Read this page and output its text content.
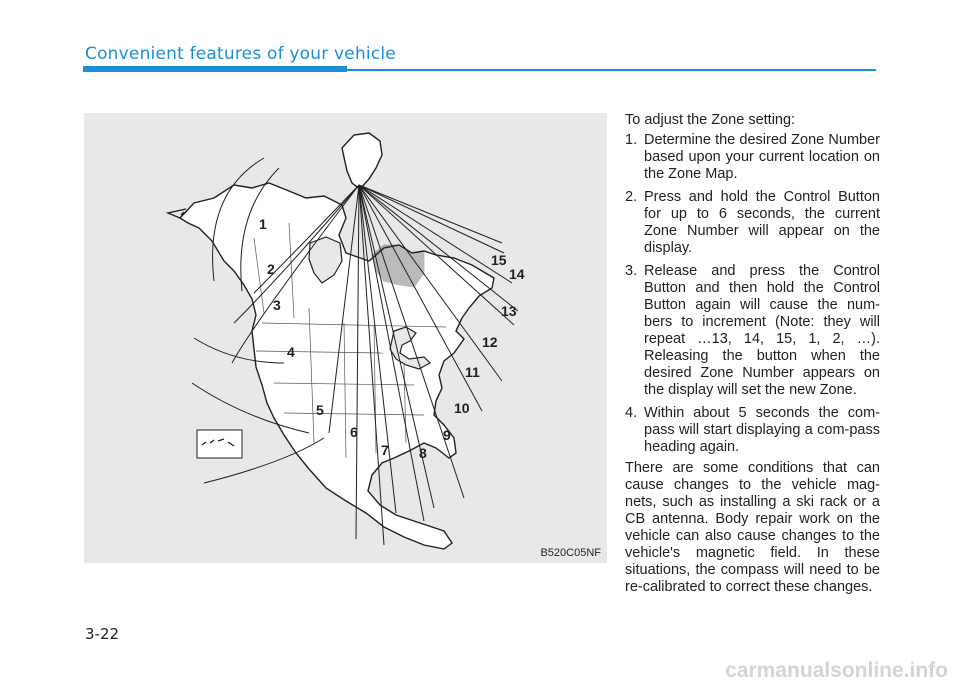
Convenient features of your vehicle
1
2
3
4
5
6
7 8
9
10
11
12
13
14
15
B520C05NF

To adjust the Zone setting:

1. Determine the desired Zone Number based upon your current location on the Zone Map.
2. Press and hold the Control Button for up to 6 seconds, the current Zone Number will appear on the display.
3. Release and press the Control Button and then hold the Control Button again will cause the num-bers to increment (Note: they will repeat …13, 14, 15, 1, 2, …). Releasing the button when the desired Zone Number appears on the display will set the new Zone.
4. Within about 5 seconds the com-pass will start displaying a com-pass heading again.

There are some conditions that can cause changes to the vehicle mag-nets, such as installing a ski rack or a CB antenna. Body repair work on the vehicle can also cause changes to the vehicle's magnetic field. In these situations, the compass will need to be re-calibrated to correct these changes.

3-22
carmanualsonline.info
